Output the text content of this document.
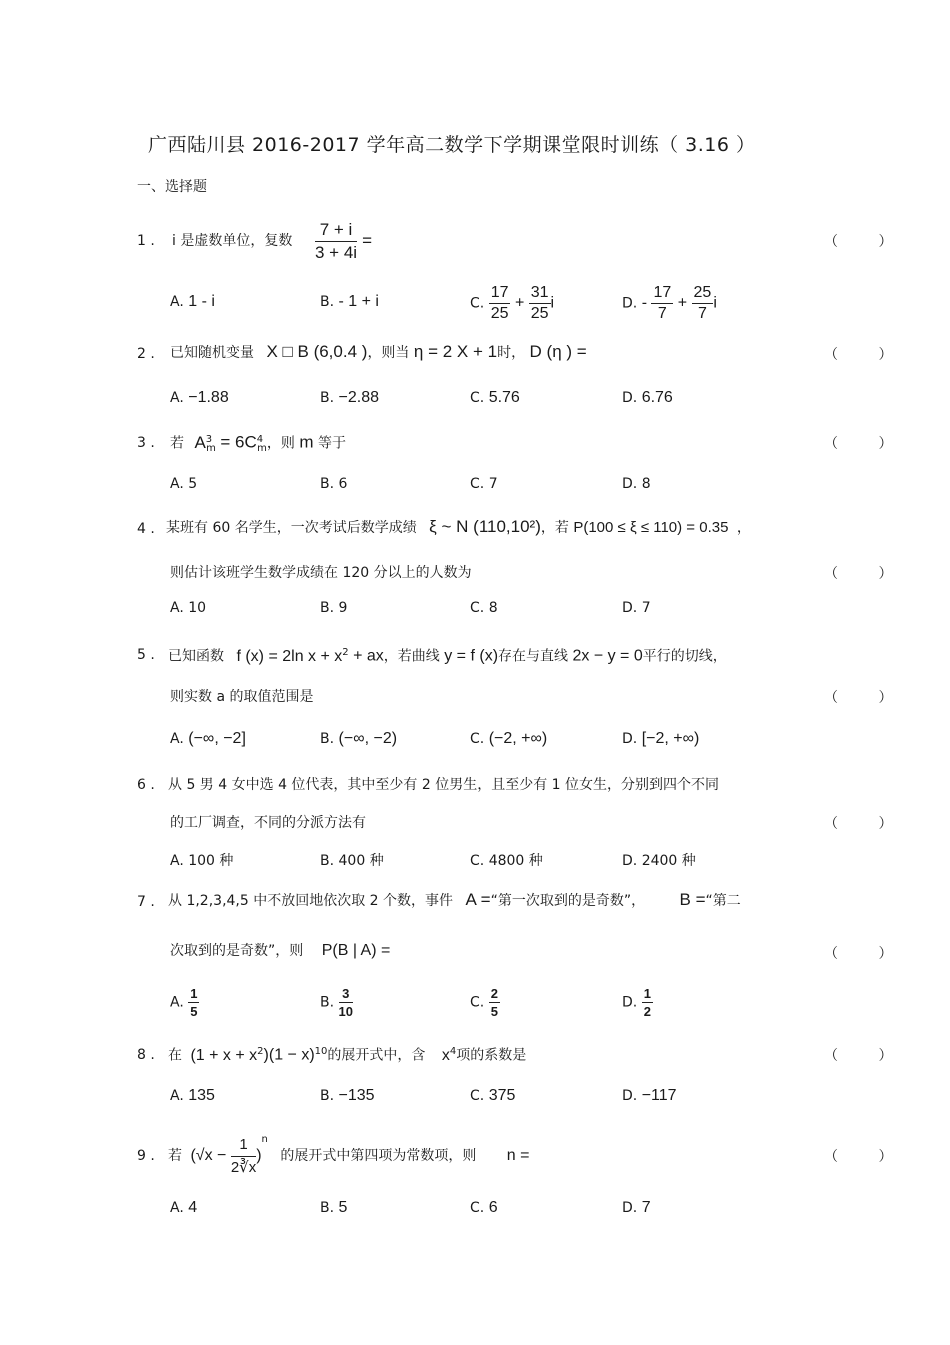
广西陆川县 2016-2017 学年高二数学下学期课堂限时训练（ 3.16 ）
一、选择题
1 . i 是虚数单位，复数 $\frac{7 + i}{3 + 4i}$ =	（ ）
A. 1 - i	B. - 1 + i	C. $\frac{17}{25} + \frac{31}{25}$ i	D. - $\frac{17}{7} + \frac{25}{7}$ i
2 . 已知随机变量 X □ B (6,0.4 )，则当 η = 2 X + 1时， D (η ) =	（ ）
A. −1.88	B. −2.88	C. 5.76	D. 6.76
3 . 若 $A^3_m = 6C^4_m$，则 m 等于	（ ）
A. 5	B. 6	C. 7	D. 8
4 . 某班有 60 名学生，一次考试后数学成绩 ξ ~ N (110,10²)，若 P(100 ≤ ξ ≤ 110) = 0.35 ，
则估计该班学生数学成绩在 120 分以上的人数为	（ ）
A. 10	B. 9	C. 8	D. 7
5 . 已知函数 f (x) = 2ln $x + x^2$ + ax，若曲线 y = f (x)存在与直线 2x − y = 0平行的切线，
则实数 a 的取值范围是	（ ）
A. (−∞, −2]	B. (−∞, −2)	C. (−2, +∞)	D. [−2, +∞)
6 . 从 5 男 4 女中选 4 位代表，其中至少有 2 位男生，且至少有 1 位女生，分别到四个不同
的工厂调查，不同的分派方法有	（ ）
A. 100 种	B. 400 种	C. 4800 种	D. 2400 种
7 . 从 1,2,3,4,5 中不放回地依次取 2 个数，事件 A =“第一次取到的是奇数”， B =“第二
次取到的是奇数”，则 P(B | A) =	（ ）
A. $\frac{1}{5}$	B. $\frac{3}{10}$	C. $\frac{2}{5}$	D. $\frac{1}{2}$
8 . 在 $(1 + x + x^2)(1 - x)^{10}$的展开式中，含 $x^4$项的系数是	（ ）
A. 135	B. −135	C. 375	D. −117
9 . 若 $(√x - \frac{1}{2∛x} )^n$ 的展开式中第四项为常数项，则 n =	（ ）
A. 4	B. 5	C. 6	D. 7
